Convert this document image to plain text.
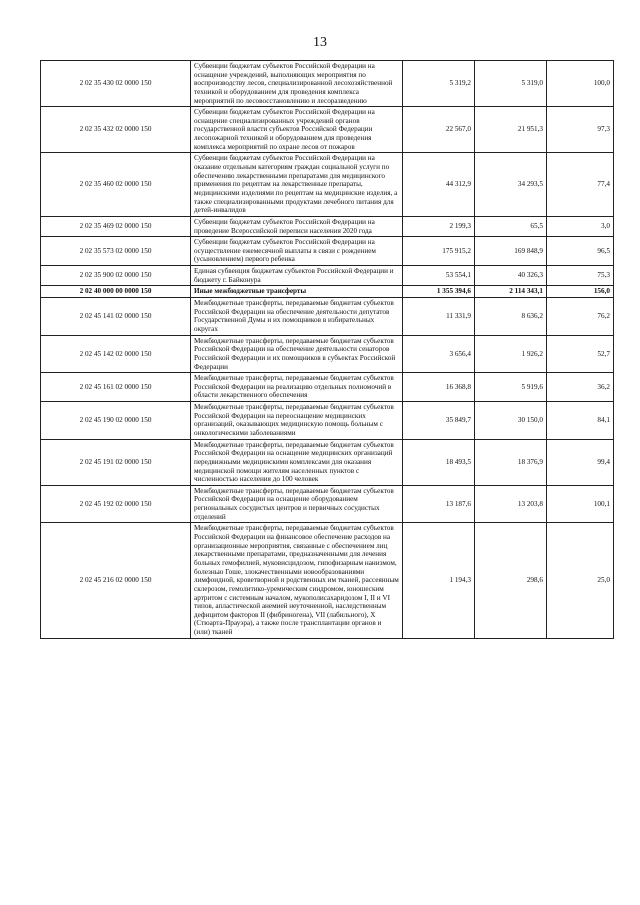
13
2 02 35 430 02 0000 150	Субвенции бюджетам субъектов Российской Федерации на оснащение учреждений, выполняющих мероприятия по воспроизводству лесов, специализированной лесохозяйственной техникой и оборудованием для проведения комплекса мероприятий по лесовосстановлению и лесоразведению	5 319,2	5 319,0	100,0
2 02 35 432 02 0000 150	Субвенции бюджетам субъектов Российской Федерации на оснащение специализированных учреждений органов государственной власти субъектов Российской Федерации лесопожарной техникой и оборудованием для проведения комплекса мероприятий по охране лесов от пожаров	22 567,0	21 951,3	97,3
2 02 35 460 02 0000 150	Субвенции бюджетам субъектов Российской Федерации на оказание отдельным категориям граждан социальной услуги по обеспечению лекарственными препаратами для медицинского применения по рецептам на лекарственные препараты, медицинскими изделиями по рецептам на медицинские изделия, а также специализированными продуктами лечебного питания для детей-инвалидов	44 312,9	34 293,5	77,4
2 02 35 469 02 0000 150	Субвенции бюджетам субъектов Российской Федерации на проведение Всероссийской переписи населения 2020 года	2 199,3	65,5	3,0
2 02 35 573 02 0000 150	Субвенции бюджетам субъектов Российской Федерации на осуществление ежемесячной выплаты в связи с рождением (усыновлением) первого ребенка	175 915,2	169 848,9	96,5
2 02 35 900 02 0000 150	Единая субвенция бюджетам субъектов Российской Федерации и бюджету г. Байконура	53 554,1	40 326,3	75,3
2 02 40 000 00 0000 150	Иные межбюджетные трансферты	1 355 394,6	2 114 343,1	156,0
2 02 45 141 02 0000 150	Межбюджетные трансферты, передаваемые бюджетам субъектов Российской Федерации на обеспечение деятельности депутатов Государственной Думы и их помощников в избирательных округах	11 331,9	8 636,2	76,2
2 02 45 142 02 0000 150	Межбюджетные трансферты, передаваемые бюджетам субъектов Российской Федерации на обеспечение деятельности сенаторов Российской Федерации и их помощников в субъектах Российской Федерации	3 656,4	1 926,2	52,7
2 02 45 161 02 0000 150	Межбюджетные трансферты, передаваемые бюджетам субъектов Российской Федерации на реализацию отдельных полномочий в области лекарственного обеспечения	16 368,8	5 919,6	36,2
2 02 45 190 02 0000 150	Межбюджетные трансферты, передаваемые бюджетам субъектов Российской Федерации на переоснащение медицинских организаций, оказывающих медицинскую помощь больным с онкологическими заболеваниями	35 849,7	30 150,0	84,1
2 02 45 191 02 0000 150	Межбюджетные трансферты, передаваемые бюджетам субъектов Российской Федерации на оснащение медицинских организаций передвижными медицинскими комплексами для оказания медицинской помощи жителям населенных пунктов с численностью населения до 100 человек	18 493,5	18 376,9	99,4
2 02 45 192 02 0000 150	Межбюджетные трансферты, передаваемые бюджетам субъектов Российской Федерации на оснащение оборудованием региональных сосудистых центров и первичных сосудистых отделений	13 187,6	13 203,8	100,1
2 02 45 216 02 0000 150	Межбюджетные трансферты, передаваемые бюджетам субъектов Российской Федерации на финансовое обеспечение расходов на организационные мероприятия, связанные с обеспечением лиц лекарственными препаратами, предназначенными для лечения больных гемофилией, муковисцидозом, гипофизарным нанизмом, болезнью Гоше, злокачественными новообразованиями лимфоидной, кроветворной и родственных им тканей, рассеянным склерозом, гемолитико-уремическим синдромом, юношеским артритом с системным началом, мукополисахаридозом I, II и VI типов, апластической анемией неуточненной, наследственным дефицитом факторов II (фибриногена), VII (лабильного), X (Стюарта-Прауэра), а также после трансплантации органов и (или) тканей	1 194,3	298,6	25,0
